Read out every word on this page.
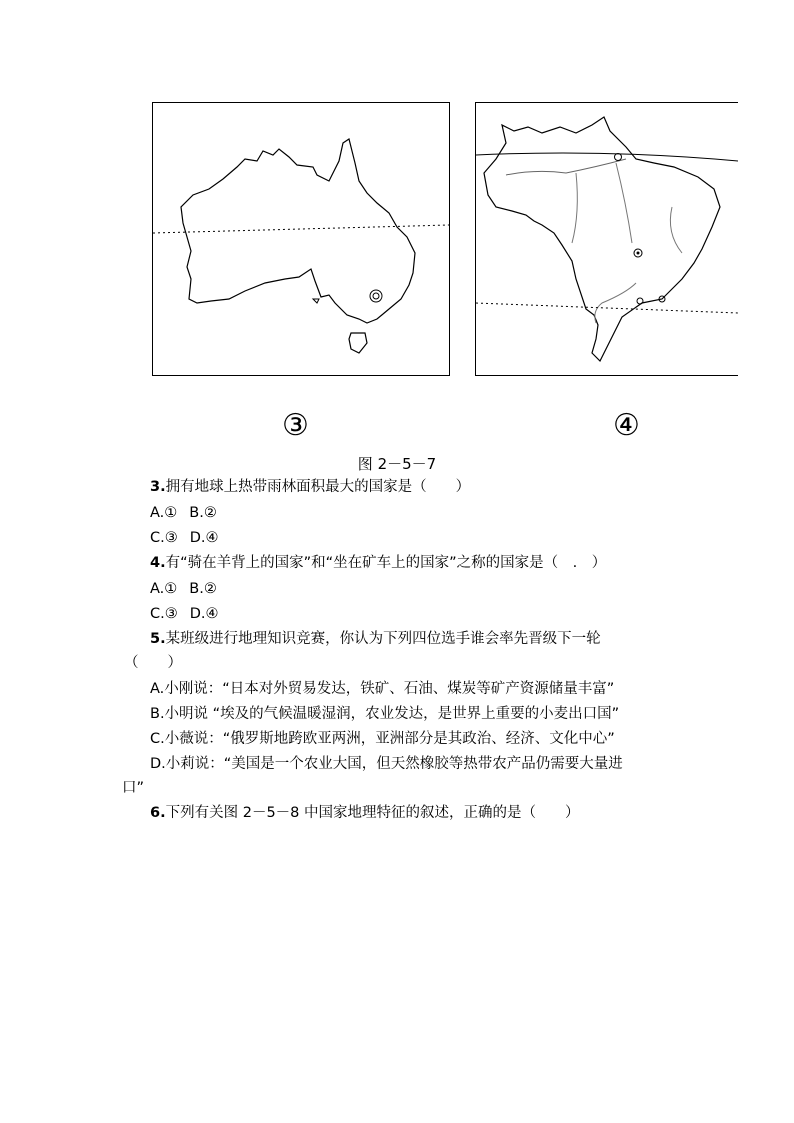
③	④
图 2－5－7
3.拥有地球上热带雨林面积最大的国家是（　　）
A.① B.②
C.③ D.④
4.有“骑在羊背上的国家”和“坐在矿车上的国家”之称的国家是（　.　）
A.① B.②
C.③ D.④
5.某班级进行地理知识竞赛，你认为下列四位选手谁会率先晋级下一轮
（　　）
A.小刚说：“日本对外贸易发达，铁矿、石油、煤炭等矿产资源储量丰富”
B.小明说 “埃及的气候温暖湿润，农业发达，是世界上重要的小麦出口国”
C.小薇说：“俄罗斯地跨欧亚两洲，亚洲部分是其政治、经济、文化中心”
D.小莉说：“美国是一个农业大国，但天然橡胶等热带农产品仍需要大量进
口”
6.下列有关图 2－5－8 中国家地理特征的叙述，正确的是（　　）
